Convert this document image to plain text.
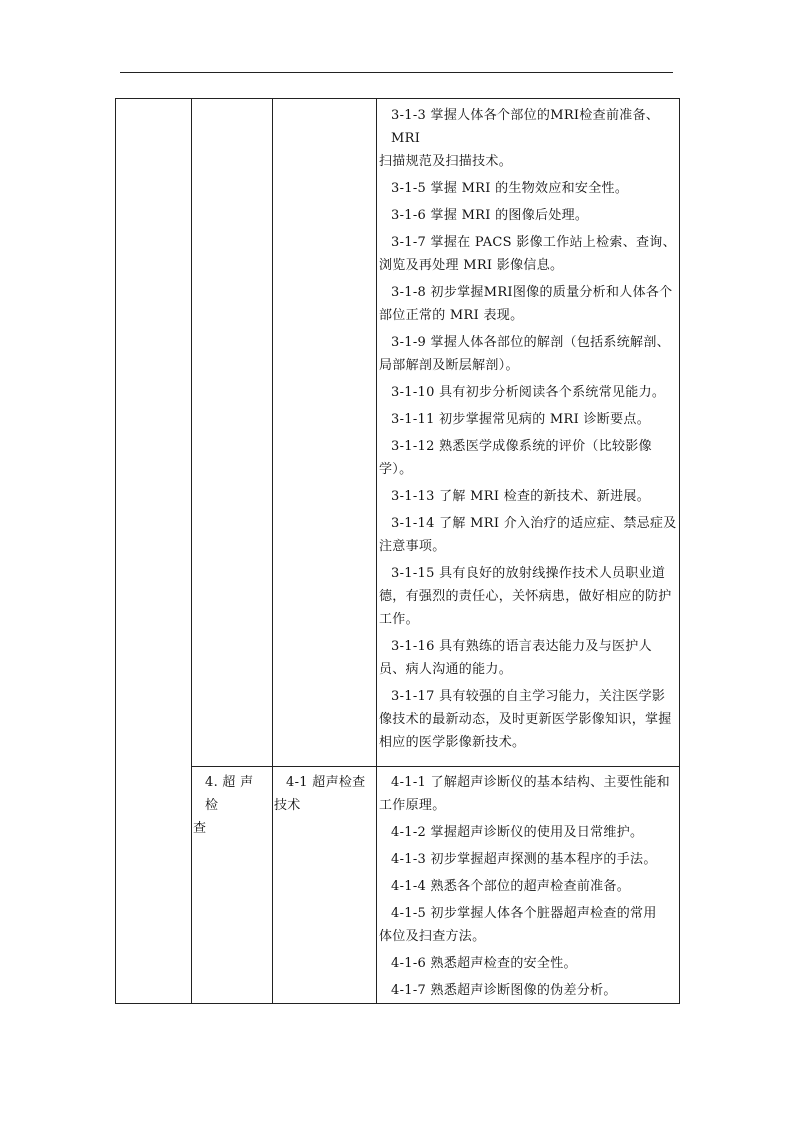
3-1-3 掌握人体各个部位的MRI检查前准备、MRI
扫描规范及扫描技术。
3-1-5 掌握 MRI 的生物效应和安全性。
3-1-6 掌握 MRI 的图像后处理。
3-1-7 掌握在 PACS 影像工作站上检索、查询、
浏览及再处理 MRI 影像信息。
3-1-8 初步掌握MRI图像的质量分析和人体各个
部位正常的 MRI 表现。
3-1-9 掌握人体各部位的解剖（包括系统解剖、
局部解剖及断层解剖）。
3-1-10 具有初步分析阅读各个系统常见能力。
3-1-11 初步掌握常见病的 MRI 诊断要点。
3-1-12 熟悉医学成像系统的评价（比较影像
学）。
3-1-13 了解 MRI 检查的新技术、新进展。
3-1-14 了解 MRI 介入治疗的适应症、禁忌症及
注意事项。
3-1-15 具有良好的放射线操作技术人员职业道
德，有强烈的责任心，关怀病患，做好相应的防护
工作。
3-1-16 具有熟练的语言表达能力及与医护人
员、病人沟通的能力。
3-1-17 具有较强的自主学习能力，关注医学影
像技术的最新动态，及时更新医学影像知识，掌握
相应的医学影像新技术。
4. 超 声 检
查
4-1 超声检查
技术
4-1-1 了解超声诊断仪的基本结构、主要性能和
工作原理。
4-1-2 掌握超声诊断仪的使用及日常维护。
4-1-3 初步掌握超声探测的基本程序的手法。
4-1-4 熟悉各个部位的超声检查前准备。
4-1-5 初步掌握人体各个脏器超声检查的常用
体位及扫查方法。
4-1-6 熟悉超声检查的安全性。
4-1-7 熟悉超声诊断图像的伪差分析。
